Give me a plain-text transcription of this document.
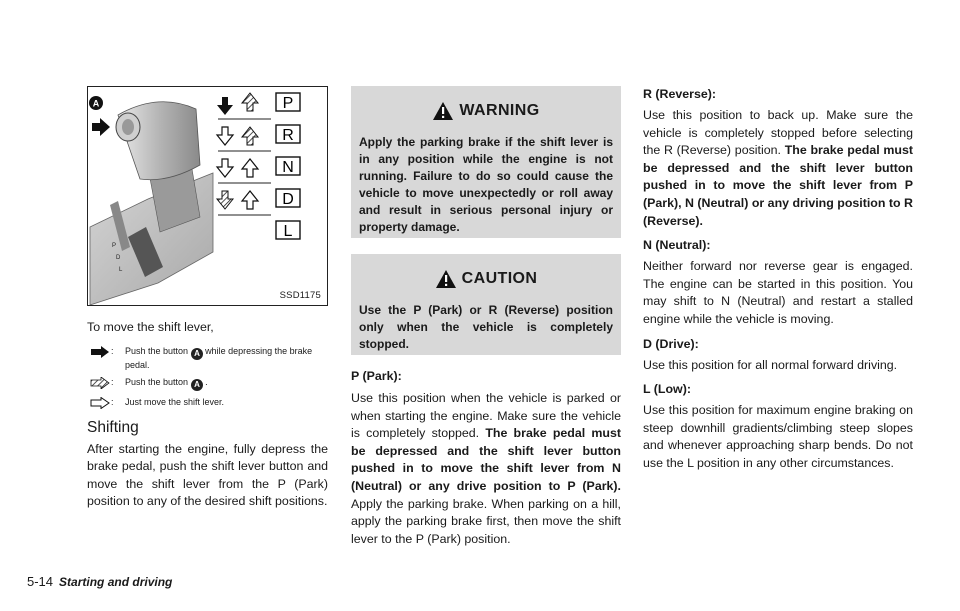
P
D
L
A	P
R
N
D
L
SSD1175

To move the shift lever,

:	Push the button A while depressing the brake pedal.
:	Push the button A .
:	Just move the shift lever.
Shifting

After starting the engine, fully depress the brake pedal, push the shift lever button and move the shift lever from the P (Park) position to any of the desired shift positions.

WARNING

Apply the parking brake if the shift lever is in any position while the engine is not running. Failure to do so could cause the vehicle to move unexpectedly or roll away and result in serious personal injury or property damage.

CAUTION

Use the P (Park) or R (Reverse) position only when the vehicle is completely stopped.

P (Park):

Use this position when the vehicle is parked or when starting the engine. Make sure the vehicle is completely stopped. The brake pedal must be depressed and the shift lever button pushed in to move the shift lever from N (Neutral) or any drive position to P (Park). Apply the parking brake. When parking on a hill, apply the parking brake first, then move the shift lever to the P (Park) position.

R (Reverse):

Use this position to back up. Make sure the vehicle is completely stopped before selecting the R (Reverse) position. The brake pedal must be depressed and the shift lever button pushed in to move the shift lever from P (Park), N (Neutral) or any driving position to R (Reverse).

N (Neutral):

Neither forward nor reverse gear is engaged. The engine can be started in this position. You may shift to N (Neutral) and restart a stalled engine while the vehicle is moving.

D (Drive):

Use this position for all normal forward driving.

L (Low):

Use this position for maximum engine braking on steep downhill gradients/climbing steep slopes and whenever approaching sharp bends. Do not use the L position in any other circumstances.

5-14 Starting and driving
